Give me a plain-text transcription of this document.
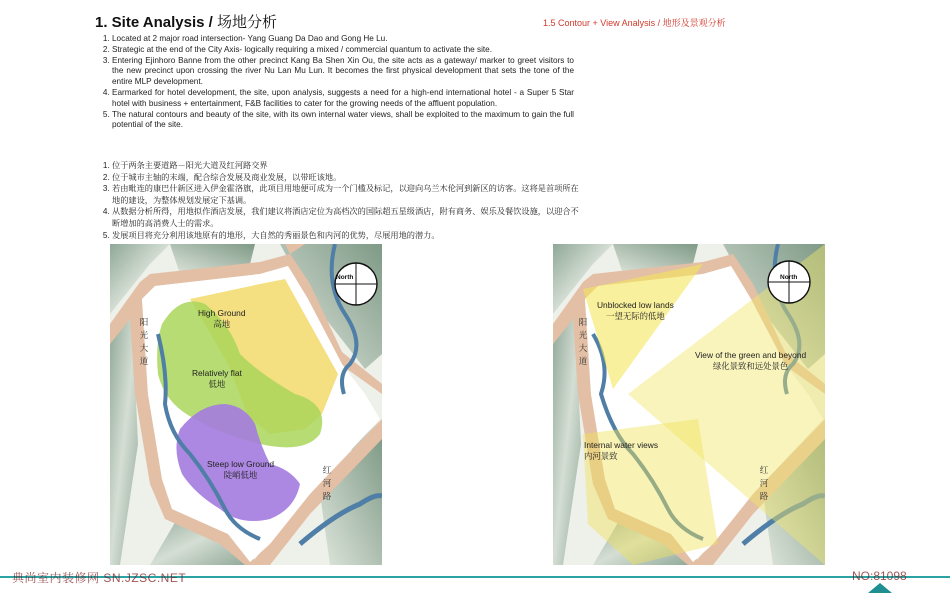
1. Site Analysis / 场地分析	1.5 Contour + View Analysis / 地形及景观分析
1. Located at 2 major road intersection- Yang Guang Da Dao and Gong He Lu.
2. Strategic at the end of the City Axis- logically requiring a mixed / commercial quantum to activate the site.
3. Entering Ejinhoro Banne from the other precinct Kang Ba Shen Xin Ou, the site acts as a gateway/ marker to greet visitors to the new precinct upon crossing the river Nu Lan Mu Lun. It becomes the first physical development that sets the tone of the entire MLP development.
4. Earmarked for hotel development, the site, upon analysis, suggests a need for a high-end international hotel - a Super 5 Star hotel with business + entertainment, F&B facilities to cater for the growing needs of the affluent population.
5. The natural contours and beauty of the site, with its own internal water views, shall be exploited to the maximum to gain the full potential of the site.
1. 位于两条主要道路－阳光大道及红河路交界
2. 位于城市主轴的末端，配合综合发展及商业发展，以带旺该地。
3. 若由毗连的康巴什新区进入伊金霍洛旗，此项目用地便可成为一个门槛及标记，以迎向乌兰木伦河到新区的访客。这将是首项所在地的建设，为整体规划发展定下基调。
4. 从数据分析所得，用地拟作酒店发展，我们建议将酒店定位为高档次的国际超五星级酒店，附有商务、娱乐及餐饮设施，以迎合不断增加的高消费人士的需求。
5. 发展项目将充分利用该地原有的地形，大自然的秀丽景色和内河的优势，尽展用地的潜力。
North
High Ground
高地
Relatively flat
低地
Steep low Ground
陡峭低地
阳
光
大
道
红
河
路
North
Unblocked low lands
一望无际的低地
View of the green and beyond
绿化景致和远处景色
Internal water views
内河景致
阳
光
大
道
红
河
路
典尚室内装修网 SN.JZSC.NET	NO:81098
